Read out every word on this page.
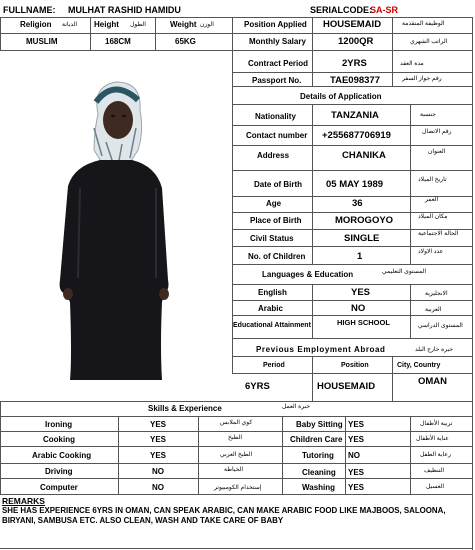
FULLNAME: MULHAT RASHID HAMIDU	SERIALCODE:
SA-SR
Religion الديانة Height الطول	Weight الوزن	Position Applied HOUSEMAID	الوظيفة المتقدمة
MUSLIM	168CM	65KG	Monthly Salary	1200QR	الراتب الشهري
Contract Period	2YRS	مدة العقد
Passport No.	TAE098377	رقم جواز السفر
Details of Application
Nationality	TANZANIA	جنسية
Contact number +255687706919	رقم الاتصال
Address	CHANIKA	العنوان
Date of Birth	05 MAY 1989	تاريخ الميلاد
Age	36	العمر
Place of Birth	MOROGOYO	مكان الميلاد
Civil Status	SINGLE	الحالة الاجتماعية
No. of Children	1	عدد الاولاد
Languages & Education	المستوى التعليمي
English	YES	الانجليزية
Arabic	NO	العربية
Educational Attainment	HIGH SCHOOL	المستوى الدراسي
Previous Employment Abroad	خبرة خارج البلد
Period	Position	City, Country
6YRS	HOUSEMAID	OMAN
Skills & Experience	خبرة العمل
Ironing	YES	كوي الملابس	Baby Sitting YES	تربية الأطفال
Cooking	YES	الطبخ	Children Care YES	عناية الأطفال
Arabic Cooking	YES	الطبخ العربي	Tutoring NO	رعاية الطفل
Driving	NO	الخياطة	Cleaning YES	التنظيف
Computer	NO	إستخدام الكومبيوتر	Washing YES	الغسيل
REMARKS
SHE HAS EXPERIENCE 6YRS IN OMAN, CAN SPEAK ARABIC, CAN MAKE ARABIC FOOD LIKE MAJBOOS, SALOONA,
BIRYANI, SAMBUSA ETC. ALSO CLEAN, WASH AND TAKE CARE OF BABY
